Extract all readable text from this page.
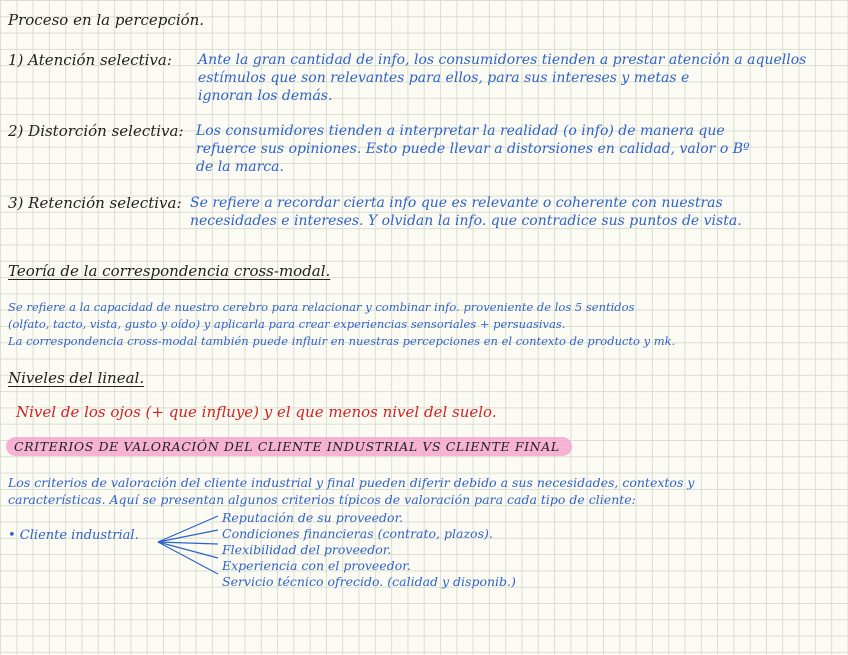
Proceso en la percepción.
1) Atención selectiva: Ante la gran cantidad de info, los consumidores tienden a prestar atención a aquellos
estímulos que son relevantes para ellos, para sus intereses y metas e
ignoran los demás.
2) Distorción selectiva: Los consumidores tienden a interpretar la realidad (o info) de manera que
refuerce sus opiniones. Esto puede llevar a distorsiones en calidad, valor o Bº
de la marca.
3) Retención selectiva: Se refiere a recordar cierta info que es relevante o coherente con nuestras
necesidades e intereses. Y olvidan la info. que contradice sus puntos de vista.
Teoría de la correspondencia cross-modal.
Se refiere a la capacidad de nuestro cerebro para relacionar y combinar info. proveniente de los 5 sentidos
(olfato, tacto, vista, gusto y oído) y aplicarla para crear experiencias sensoriales + persuasivas.
La correspondencia cross-modal también puede influir en nuestras percepciones en el contexto de producto y mk.
Niveles del lineal.
Nivel de los ojos (+ que influye) y el que menos nivel del suelo.
CRITERIOS DE VALORACIÓN DEL CLIENTE INDUSTRIAL VS CLIENTE FINAL
Los criterios de valoración del cliente industrial y final pueden diferir debido a sus necesidades, contextos y
características. Aquí se presentan algunos criterios típicos de valoración para cada tipo de cliente:
• Cliente industrial.
Reputación de su proveedor.
Condiciones financieras (contrato, plazos).
Flexibilidad del proveedor.
Experiencia con el proveedor.
Servicio técnico ofrecido. (calidad y disponib.)
